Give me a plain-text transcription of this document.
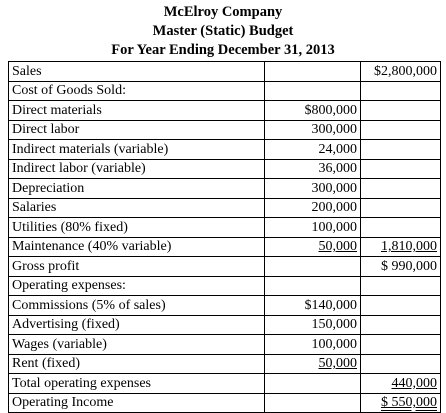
McElroy Company
Master (Static) Budget
For Year Ending December 31, 2013
Sales		$2,800,000
Cost of Goods Sold:		
Direct materials	$800,000	
Direct labor	300,000	
Indirect materials (variable)	24,000	
Indirect labor (variable)	36,000	
Depreciation	300,000	
Salaries	200,000	
Utilities (80% fixed)	100,000	
Maintenance (40% variable)	50,000	1,810,000
Gross profit		$ 990,000
Operating expenses:		
Commissions (5% of sales)	$140,000	
Advertising (fixed)	150,000	
Wages (variable)	100,000	
Rent (fixed)	50,000	
Total operating expenses		440,000
Operating Income		$ 550,000
